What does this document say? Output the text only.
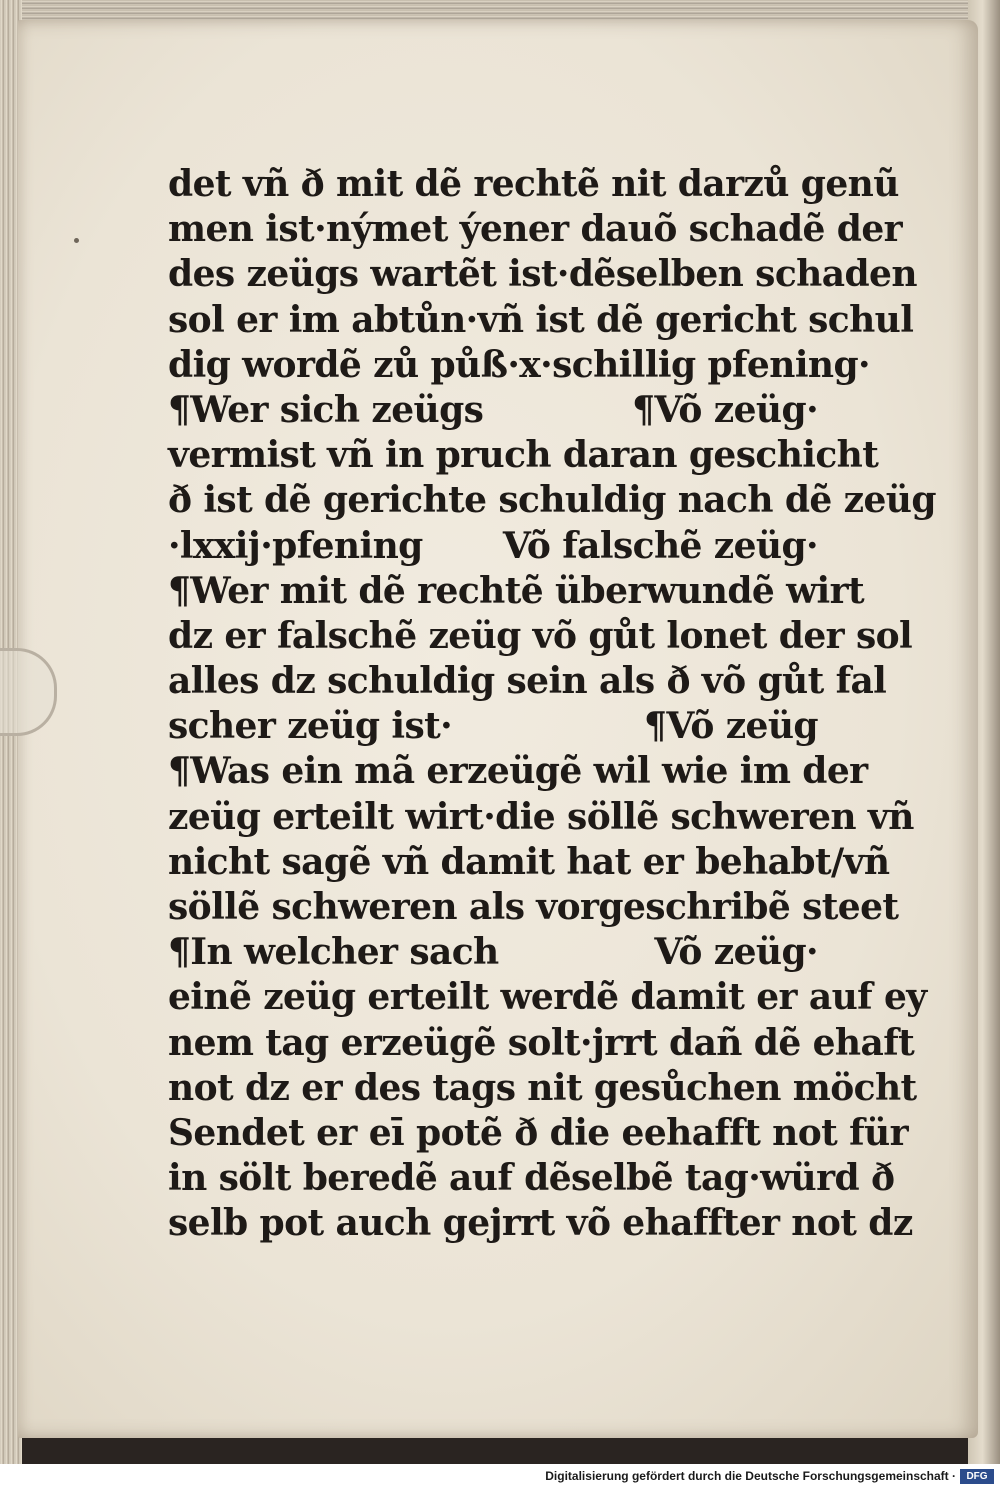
det vñ ð mit dẽ rechtẽ nit darzů genũ
men ist·nýmet ýener dauõ schadẽ der
des zeügs wartẽt ist·dẽselben schaden
sol er im abtůn·vñ ist dẽ gericht schul
dig wordẽ zů půß·x·schillig pfening·
¶Wer sich zeügs	¶Võ zeüg·
vermist vñ in pruch daran geschicht
ð ist dẽ gerichte schuldig nach dẽ zeüg
·lxxij·pfening Võ falschẽ zeüg·
¶Wer mit dẽ rechtẽ überwundẽ wirt
dz er falschẽ zeüg võ gůt lonet der sol
alles dz schuldig sein als ð võ gůt fal
scher zeüg ist·	¶Võ zeüg
¶Was ein mã erzeügẽ wil wie im der
zeüg erteilt wirt·die söllẽ schweren vñ
nicht sagẽ vñ damit hat er behabt/vñ
söllẽ schweren als vorgeschribẽ steet
¶In welcher sach	Võ zeüg·
einẽ zeüg erteilt werdẽ damit er auf ey
nem tag erzeügẽ solt·jrrt dañ dẽ ehaft
not dz er des tags nit gesůchen möcht
Sendet er eī potẽ ð die eehafft not für
in sölt beredẽ auf dẽselbẽ tag·würd ð
selb pot auch gejrrt võ ehaffter not dz
Digitalisierung gefördert durch die Deutsche Forschungsgemeinschaft ·	DFG
